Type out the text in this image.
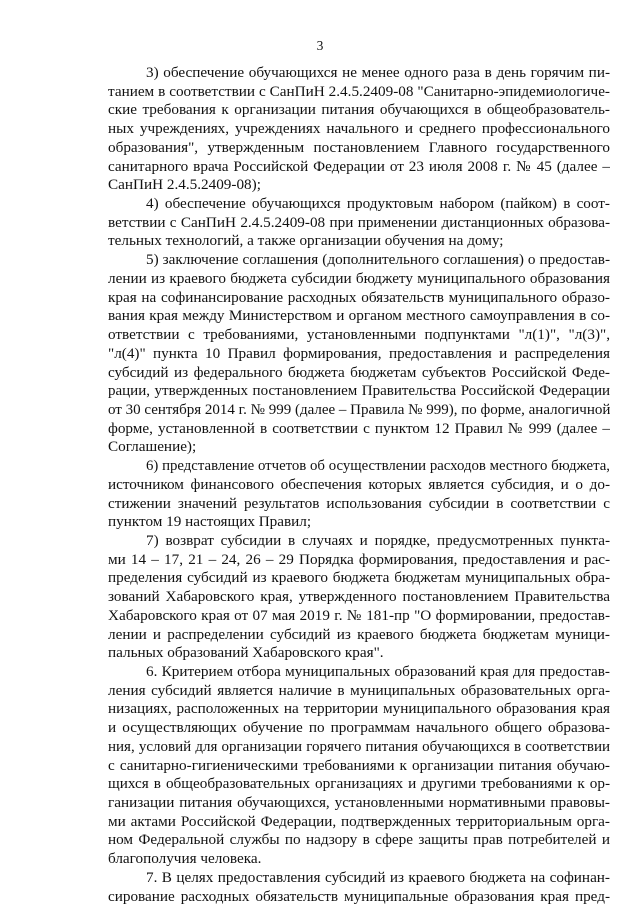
3
3) обеспечение обучающихся не менее одного раза в день горячим пи-
танием в соответствии с СанПиН 2.4.5.2409-08 "Санитарно-эпидемиологиче-
ские требования к организации питания обучающихся в общеобразователь-
ных учреждениях, учреждениях начального и среднего профессионального
образования", утвержденным постановлением Главного государственного
санитарного врача Российской Федерации от 23 июля 2008 г. № 45 (далее –
СанПиН 2.4.5.2409-08);
4) обеспечение обучающихся продуктовым набором (пайком) в соот-
ветствии с СанПиН 2.4.5.2409-08 при применении дистанционных образова-
тельных технологий, а также организации обучения на дому;
5) заключение соглашения (дополнительного соглашения) о предостав-
лении из краевого бюджета субсидии бюджету муниципального образования
края на софинансирование расходных обязательств муниципального образо-
вания края между Министерством и органом местного самоуправления в со-
ответствии с требованиями, установленными подпунктами "л(1)", "л(3)",
"л(4)" пункта 10 Правил формирования, предоставления и распределения
субсидий из федерального бюджета бюджетам субъектов Российской Феде-
рации, утвержденных постановлением Правительства Российской Федерации
от 30 сентября 2014 г. № 999 (далее – Правила № 999), по форме, аналогичной
форме, установленной в соответствии с пунктом 12 Правил № 999 (далее –
Соглашение);
6) представление отчетов об осуществлении расходов местного бюджета,
источником финансового обеспечения которых является субсидия, и о до-
стижении значений результатов использования субсидии в соответствии с
пунктом 19 настоящих Правил;
7) возврат субсидии в случаях и порядке, предусмотренных пункта-
ми 14 – 17, 21 – 24, 26 – 29 Порядка формирования, предоставления и рас-
пределения субсидий из краевого бюджета бюджетам муниципальных обра-
зований Хабаровского края, утвержденного постановлением Правительства
Хабаровского края от 07 мая 2019 г. № 181-пр "О формировании, предостав-
лении и распределении субсидий из краевого бюджета бюджетам муници-
пальных образований Хабаровского края".
6. Критерием отбора муниципальных образований края для предостав-
ления субсидий является наличие в муниципальных образовательных орга-
низациях, расположенных на территории муниципального образования края
и осуществляющих обучение по программам начального общего образова-
ния, условий для организации горячего питания обучающихся в соответствии
с санитарно-гигиеническими требованиями к организации питания обучаю-
щихся в общеобразовательных организациях и другими требованиями к ор-
ганизации питания обучающихся, установленными нормативными правовы-
ми актами Российской Федерации, подтвержденных территориальным орга-
ном Федеральной службы по надзору в сфере защиты прав потребителей и
благополучия человека.
7. В целях предоставления субсидий из краевого бюджета на софинан-
сирование расходных обязательств муниципальные образования края пред-
